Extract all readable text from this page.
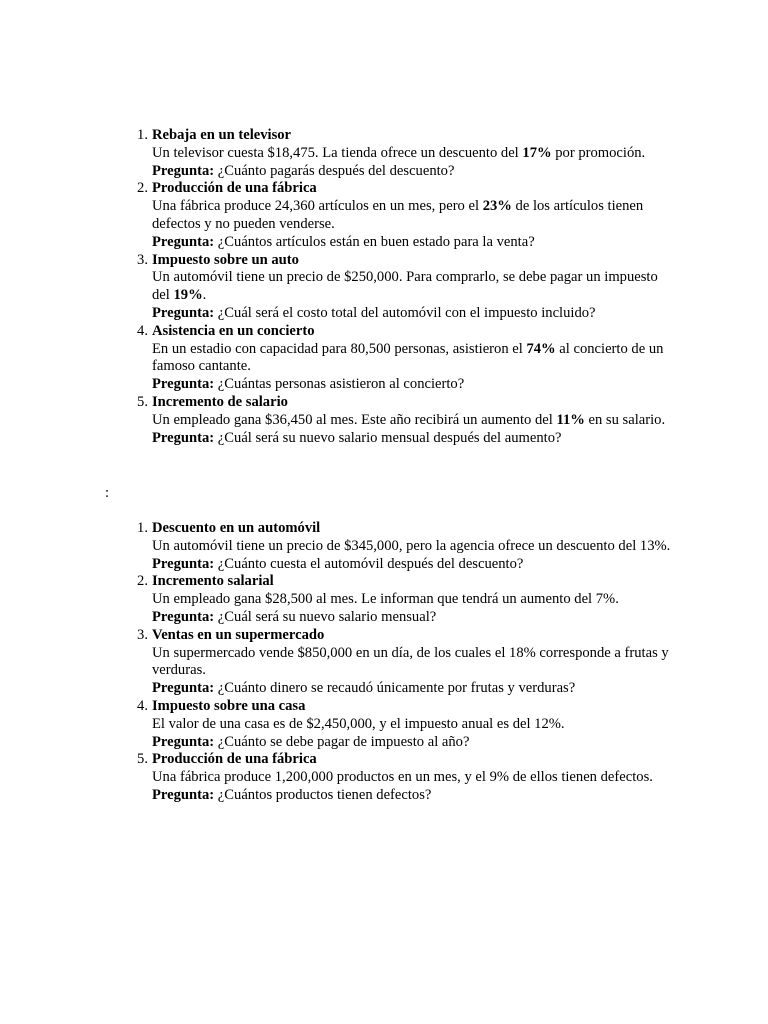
1. Rebaja en un televisor
Un televisor cuesta $18,475. La tienda ofrece un descuento del 17% por promoción.
Pregunta: ¿Cuánto pagarás después del descuento?
2. Producción de una fábrica
Una fábrica produce 24,360 artículos en un mes, pero el 23% de los artículos tienen defectos y no pueden venderse.
Pregunta: ¿Cuántos artículos están en buen estado para la venta?
3. Impuesto sobre un auto
Un automóvil tiene un precio de $250,000. Para comprarlo, se debe pagar un impuesto del 19%.
Pregunta: ¿Cuál será el costo total del automóvil con el impuesto incluido?
4. Asistencia en un concierto
En un estadio con capacidad para 80,500 personas, asistieron el 74% al concierto de un famoso cantante.
Pregunta: ¿Cuántas personas asistieron al concierto?
5. Incremento de salario
Un empleado gana $36,450 al mes. Este año recibirá un aumento del 11% en su salario.
Pregunta: ¿Cuál será su nuevo salario mensual después del aumento?
:
1. Descuento en un automóvil
Un automóvil tiene un precio de $345,000, pero la agencia ofrece un descuento del 13%.
Pregunta: ¿Cuánto cuesta el automóvil después del descuento?
2. Incremento salarial
Un empleado gana $28,500 al mes. Le informan que tendrá un aumento del 7%.
Pregunta: ¿Cuál será su nuevo salario mensual?
3. Ventas en un supermercado
Un supermercado vende $850,000 en un día, de los cuales el 18% corresponde a frutas y verduras.
Pregunta: ¿Cuánto dinero se recaudó únicamente por frutas y verduras?
4. Impuesto sobre una casa
El valor de una casa es de $2,450,000, y el impuesto anual es del 12%.
Pregunta: ¿Cuánto se debe pagar de impuesto al año?
5. Producción de una fábrica
Una fábrica produce 1,200,000 productos en un mes, y el 9% de ellos tienen defectos.
Pregunta: ¿Cuántos productos tienen defectos?
